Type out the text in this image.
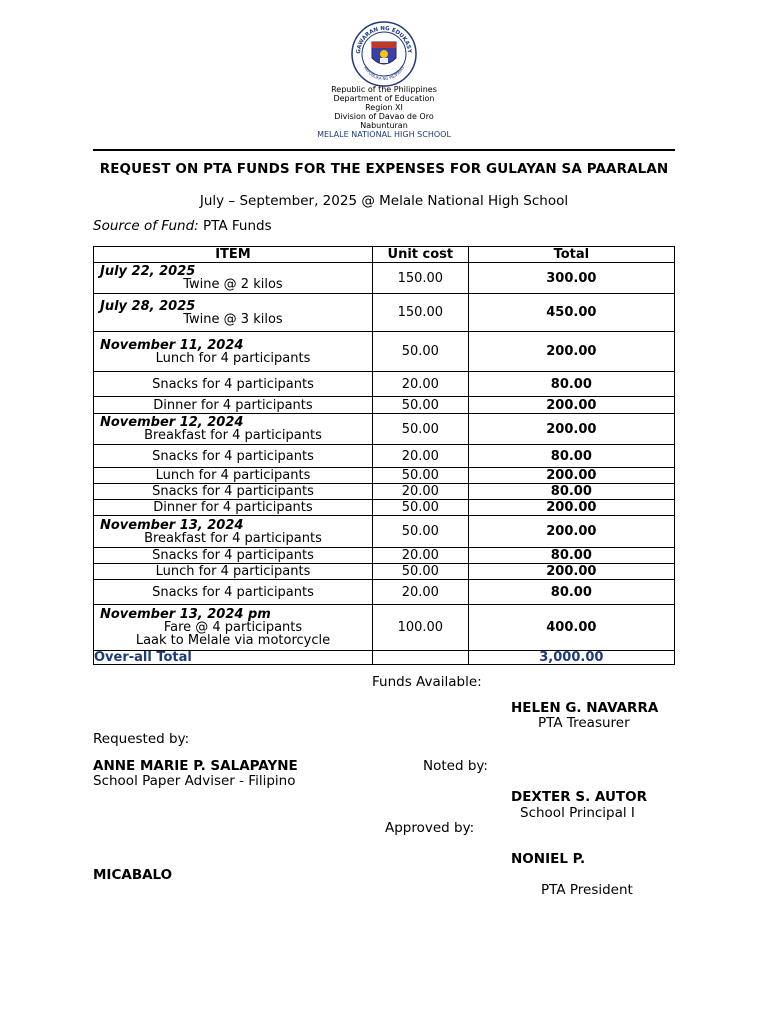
GAWARAN NG EDUKASY
REPUBLIKA NG PILIPINAS
Republic of the Philippines
Department of Education
Region XI
Division of Davao de Oro
Nabunturan
MELALE NATIONAL HIGH SCHOOL
REQUEST ON PTA FUNDS FOR THE EXPENSES FOR GULAYAN SA PAARALAN
July – September, 2025 @ Melale National High School
Source of Fund: PTA Funds
ITEM	Unit cost	Total

July 22, 2025
Twine @ 2 kilos	150.00	300.00

July 28, 2025
Twine @ 3 kilos	150.00	450.00

November 11, 2024
Lunch for 4 participants	50.00	200.00

Snacks for 4 participants	20.00	80.00

Dinner for 4 participants	50.00	200.00

November 12, 2024
Breakfast for 4 participants	50.00	200.00

Snacks for 4 participants	20.00	80.00

Lunch for 4 participants	50.00	200.00

Snacks for 4 participants	20.00	80.00

Dinner for 4 participants	50.00	200.00

November 13, 2024
Breakfast for 4 participants	50.00	200.00

Snacks for 4 participants	20.00	80.00

Lunch for 4 participants	50.00	200.00

Snacks for 4 participants	20.00	80.00

November 13, 2024 pm
Fare @ 4 participants
Laak to Melale via motorcycle	100.00	400.00
Over-all Total		3,000.00
Funds Available:
HELEN G. NAVARRA
PTA Treasurer
Requested by:
ANNE MARIE P. SALAPAYNE
School Paper Adviser - Filipino
Noted by:
DEXTER S. AUTOR
School Principal I
Approved by:
NONIEL P.
MICABALO
PTA President
